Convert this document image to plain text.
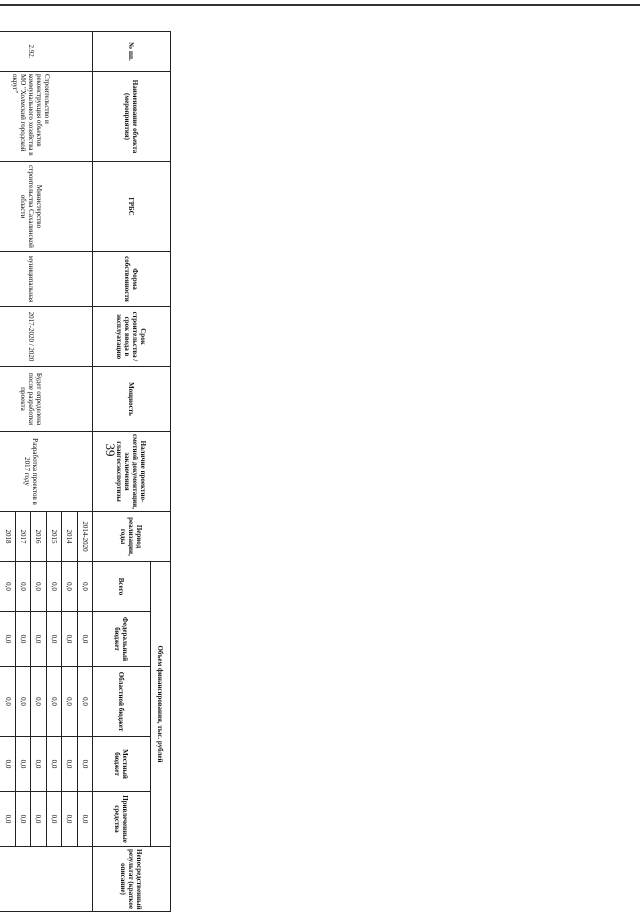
39
№ пп.	Наименование объекта (мероприятия)	ГРБС	Форма собственности	Срок строительства / срок ввода в эксплуатацию	Мощность	Наличие проектно-сметной документации, заключения главгосэкспертизы	Период реализации, годы	Объем финансирования, тыс. рублей					Непосредственный результат (краткое описание)
								Всего	Федеральный бюджет	Областной бюджет	Местный бюджет	Привлеченные средства	
2.92.	Строительство и реконструкция объектов коммунального хозяйства в МО "Холмский городской округ"	Министерство строительства Сахалинской области	муниципальная	2017-2020 / 2020	Будет определена после разработки проекта	Разработка проектов в 2017 году	2014-2020	0,0	0,0	0,0	0,0	0,0	
							2014	0,0	0,0	0,0	0,0	0,0	
							2015	0,0	0,0	0,0	0,0	0,0	
							2016	0,0	0,0	0,0	0,0	0,0	
							2017	0,0	0,0	0,0	0,0	0,0	
							2018	0,0	0,0	0,0	0,0	0,0	
